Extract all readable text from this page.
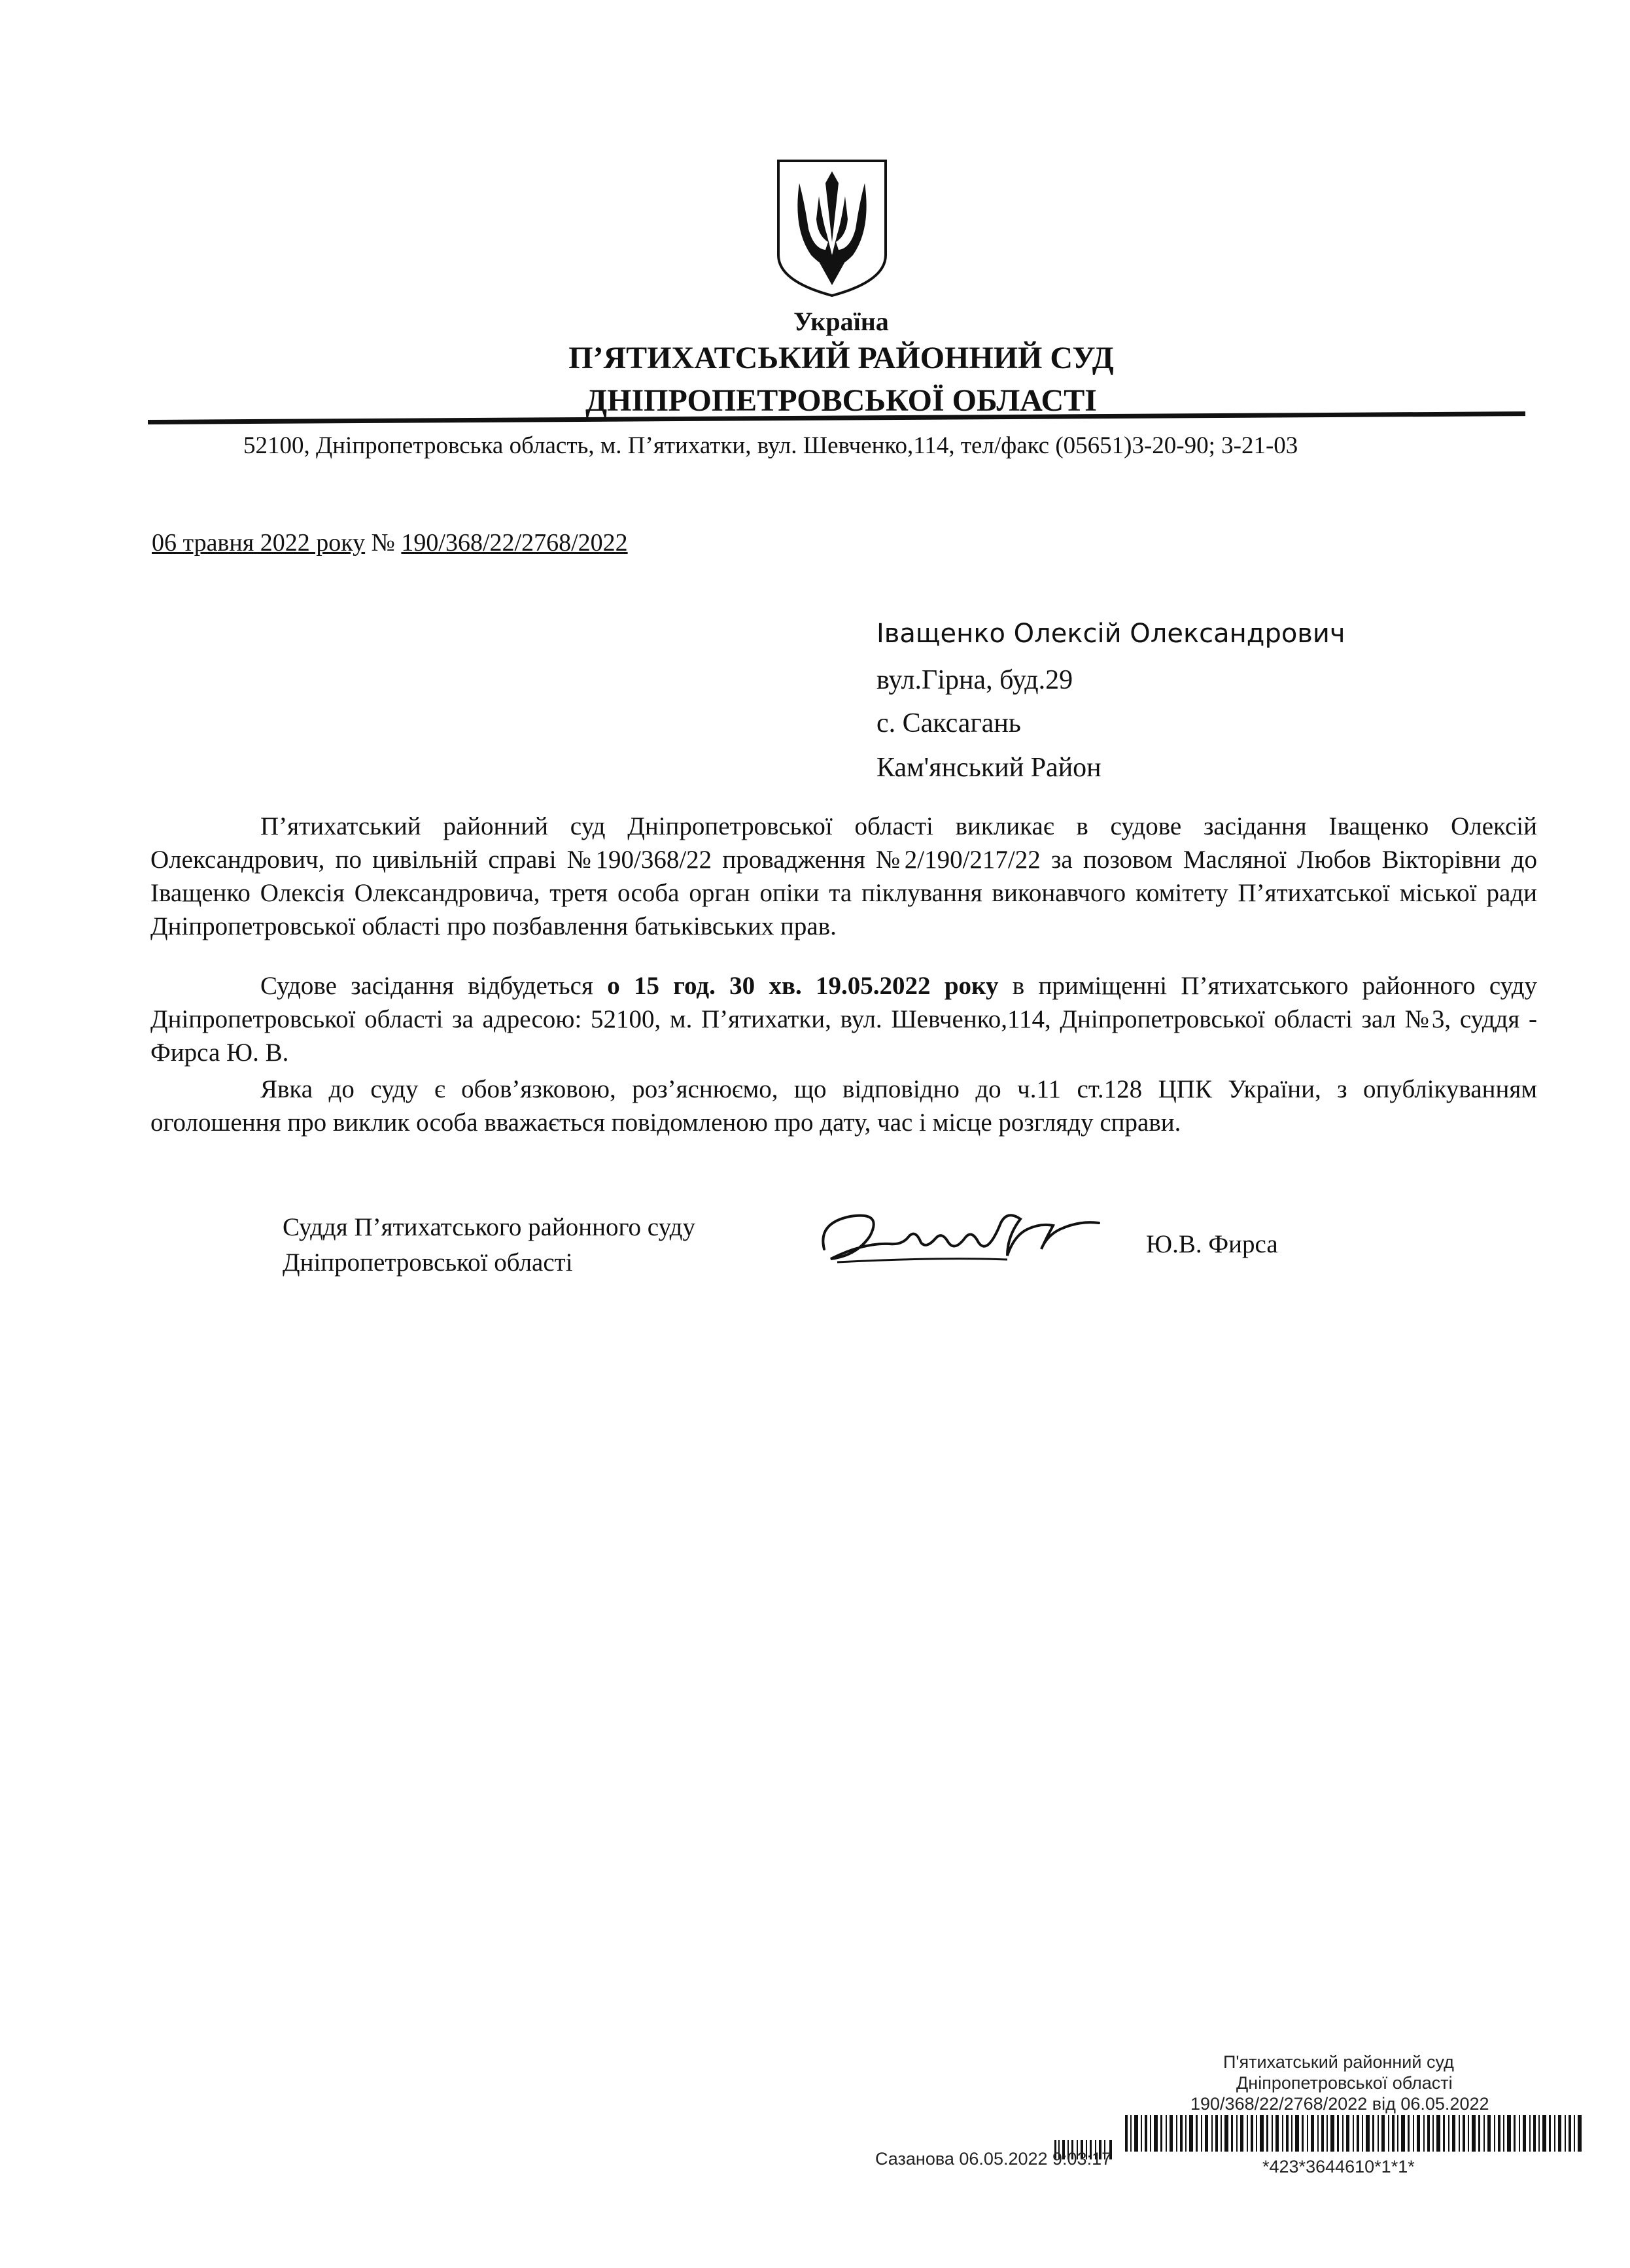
Україна
П’ЯТИХАТСЬКИЙ РАЙОННИЙ СУД
ДНІПРОПЕТРОВСЬКОЇ ОБЛАСТІ
52100, Дніпропетровська область, м. П’ятихатки, вул. Шевченко,114, тел/факс (05651)3-20-90; 3-21-03
06 травня 2022 року № 190/368/22/2768/2022
Іващенко Олексій Олександрович
вул.Гірна, буд.29
с. Саксагань
Кам'янський Район
П’ятихатський районний суд Дніпропетровської області викликає в судове засідання Іващенко Олексій Олександрович, по цивільній справі №190/368/22 провадження №2/190/217/22 за позовом Масляної Любов Вікторівни до Іващенко Олексія Олександровича, третя особа орган опіки та піклування виконавчого комітету П’ятихатської міської ради Дніпропетровської області про позбавлення батьківських прав.
Судове засідання відбудеться о 15 год. 30 хв. 19.05.2022 року в приміщенні П’ятихатського районного суду Дніпропетровської області за адресою: 52100, м. П’ятихатки, вул. Шевченко,114, Дніпропетровської області зал №3, суддя - Фирса Ю. В.
Явка до суду є обов’язковою, роз’яснюємо, що відповідно до ч.11 ст.128 ЦПК України, з опублікуванням оголошення про виклик особа вважається повідомленою про дату, час і місце розгляду справи.
Суддя П’ятихатського районного суду
Дніпропетровської області
Ю.В. Фирса
П'ятихатський районний суд
Дніпропетровської області
190/368/22/2768/2022 від 06.05.2022
Сазанова 06.05.2022 9:03:17	*423*3644610*1*1*
